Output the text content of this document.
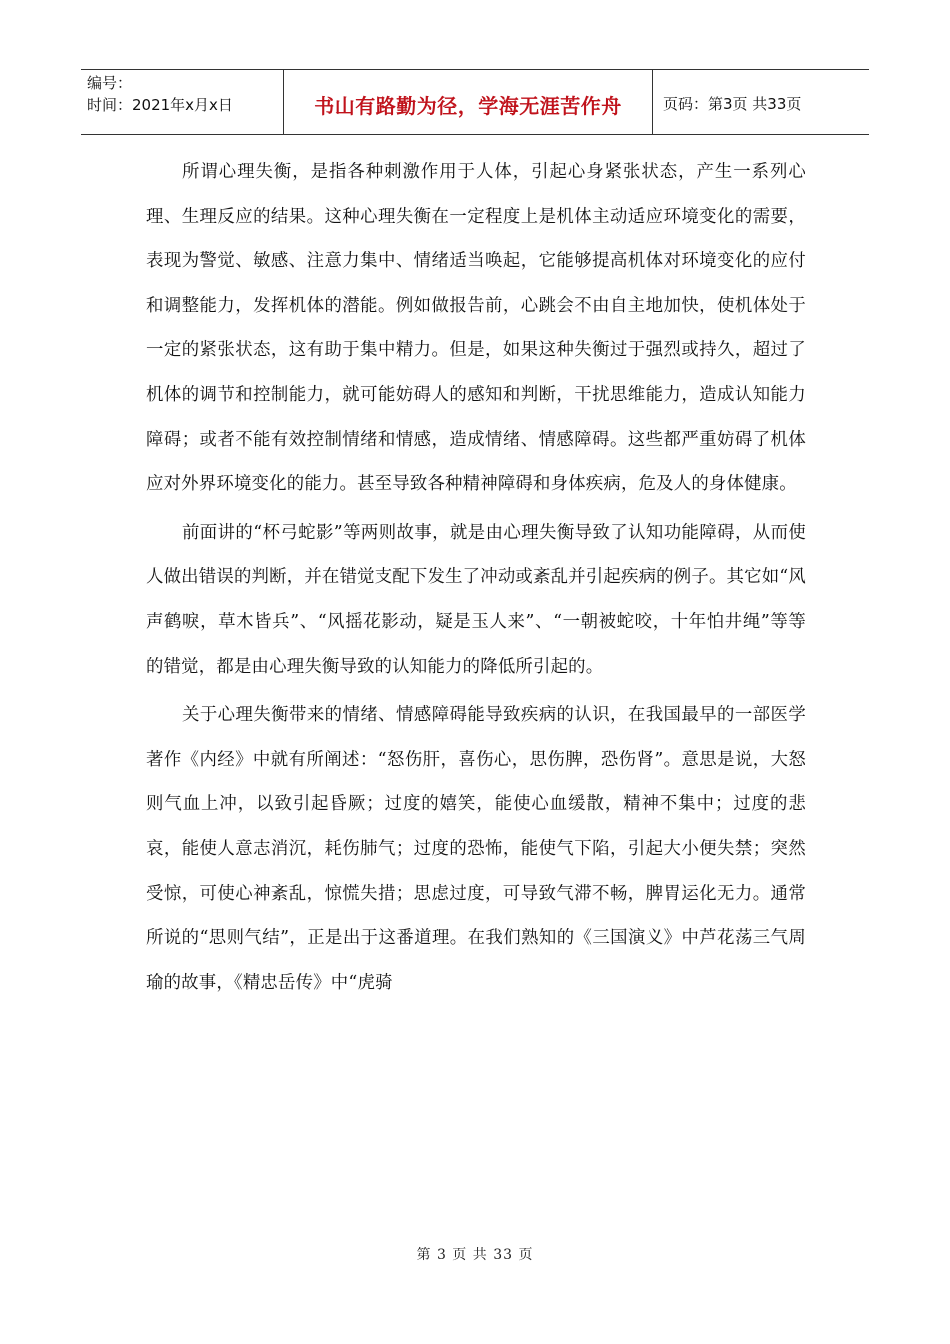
编号：
时间：2021年x月x日	书山有路勤为径，学海无涯苦作舟	页码：第3页 共33页

所谓心理失衡，是指各种刺激作用于人体，引起心身紧张状态，产生一系列心理、生理反应的结果。这种心理失衡在一定程度上是机体主动适应环境变化的需要，表现为警觉、敏感、注意力集中、情绪适当唤起，它能够提高机体对环境变化的应付和调整能力，发挥机体的潜能。例如做报告前，心跳会不由自主地加快，使机体处于一定的紧张状态，这有助于集中精力。但是，如果这种失衡过于强烈或持久，超过了机体的调节和控制能力，就可能妨碍人的感知和判断，干扰思维能力，造成认知能力障碍；或者不能有效控制情绪和情感，造成情绪、情感障碍。这些都严重妨碍了机体应对外界环境变化的能力。甚至导致各种精神障碍和身体疾病，危及人的身体健康。

前面讲的“杯弓蛇影”等两则故事，就是由心理失衡导致了认知功能障碍，从而使人做出错误的判断，并在错觉支配下发生了冲动或紊乱并引起疾病的例子。其它如“风声鹤唳，草木皆兵”、“风摇花影动，疑是玉人来”、“一朝被蛇咬，十年怕井绳”等等的错觉，都是由心理失衡导致的认知能力的降低所引起的。

关于心理失衡带来的情绪、情感障碍能导致疾病的认识，在我国最早的一部医学著作《内经》中就有所阐述：“怒伤肝，喜伤心，思伤脾，恐伤肾”。意思是说，大怒则气血上冲，以致引起昏厥；过度的嬉笑，能使心血缓散，精神不集中；过度的悲哀，能使人意志消沉，耗伤肺气；过度的恐怖，能使气下陷，引起大小便失禁；突然受惊，可使心神紊乱，惊慌失措；思虑过度，可导致气滞不畅，脾胃运化无力。通常所说的“思则气结”，正是出于这番道理。在我们熟知的《三国演义》中芦花荡三气周瑜的故事，《精忠岳传》中“虎骑

第 3 页 共 33 页
